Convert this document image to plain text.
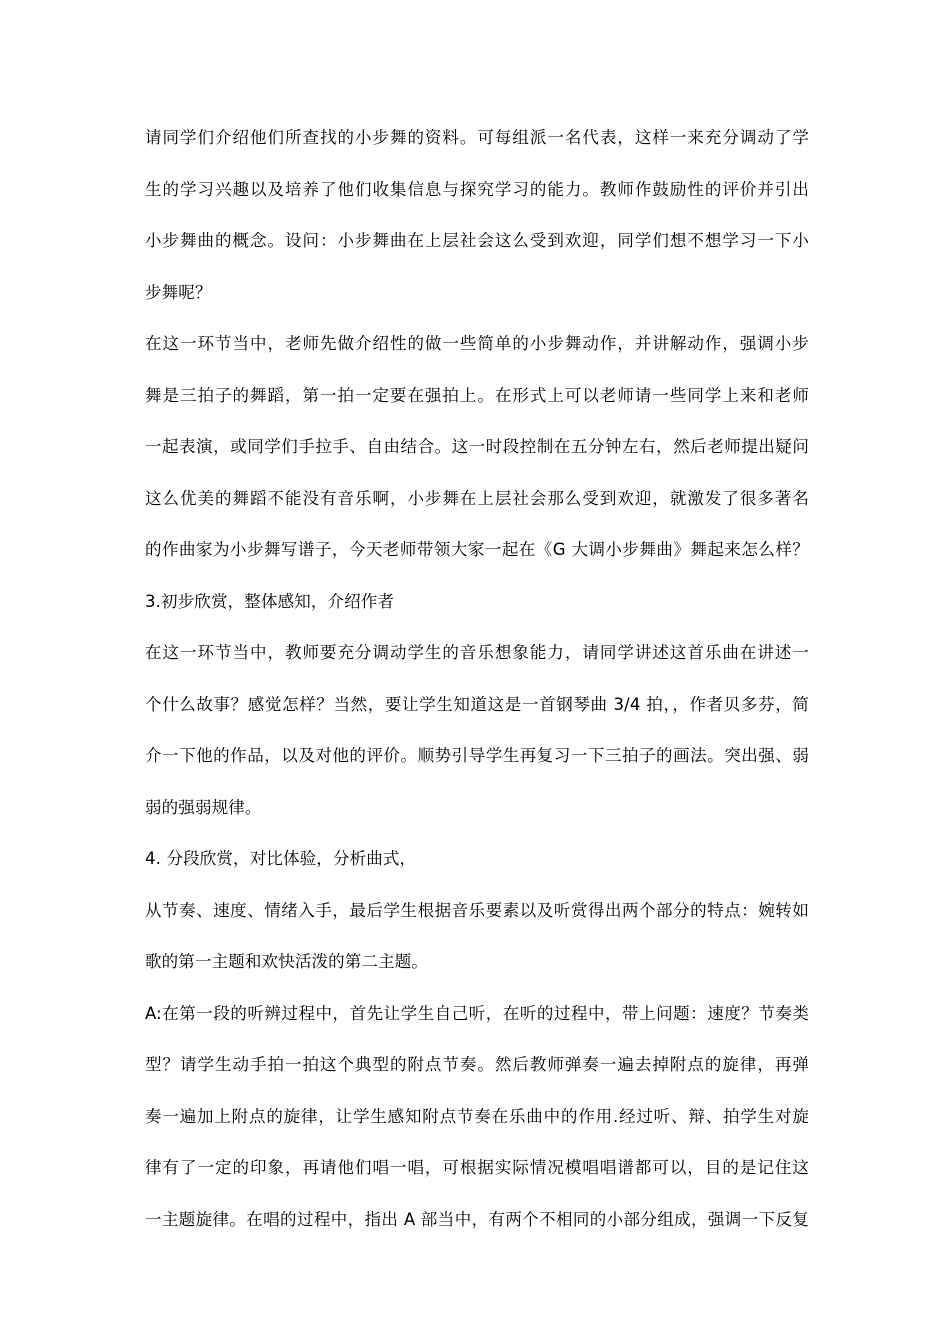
请同学们介绍他们所查找的小步舞的资料。可每组派一名代表，这样一来充分调动了学
生的学习兴趣以及培养了他们收集信息与探究学习的能力。教师作鼓励性的评价并引出
小步舞曲的概念。设问：小步舞曲在上层社会这么受到欢迎，同学们想不想学习一下小
步舞呢？
在这一环节当中，老师先做介绍性的做一些简单的小步舞动作，并讲解动作，强调小步
舞是三拍子的舞蹈，第一拍一定要在强拍上。在形式上可以老师请一些同学上来和老师
一起表演，或同学们手拉手、自由结合。这一时段控制在五分钟左右，然后老师提出疑问
这么优美的舞蹈不能没有音乐啊，小步舞在上层社会那么受到欢迎，就激发了很多著名
的作曲家为小步舞写谱子，今天老师带领大家一起在《G 大调小步舞曲》舞起来怎么样？
3.初步欣赏，整体感知，介绍作者
在这一环节当中，教师要充分调动学生的音乐想象能力，请同学讲述这首乐曲在讲述一
个什么故事？感觉怎样？当然，要让学生知道这是一首钢琴曲 3/4 拍，，作者贝多芬，简
介一下他的作品，以及对他的评价。顺势引导学生再复习一下三拍子的画法。突出强、弱
弱的强弱规律。
4. 分段欣赏，对比体验，分析曲式，
从节奏、速度、情绪入手，最后学生根据音乐要素以及听赏得出两个部分的特点：婉转如
歌的第一主题和欢快活泼的第二主题。
A:在第一段的听辨过程中，首先让学生自己听，在听的过程中，带上问题：速度？节奏类
型？请学生动手拍一拍这个典型的附点节奏。然后教师弹奏一遍去掉附点的旋律，再弹
奏一遍加上附点的旋律，让学生感知附点节奏在乐曲中的作用.经过听、辩、拍学生对旋
律有了一定的印象，再请他们唱一唱，可根据实际情况模唱唱谱都可以，目的是记住这
一主题旋律。在唱的过程中，指出 A 部当中，有两个不相同的小部分组成，强调一下反复
